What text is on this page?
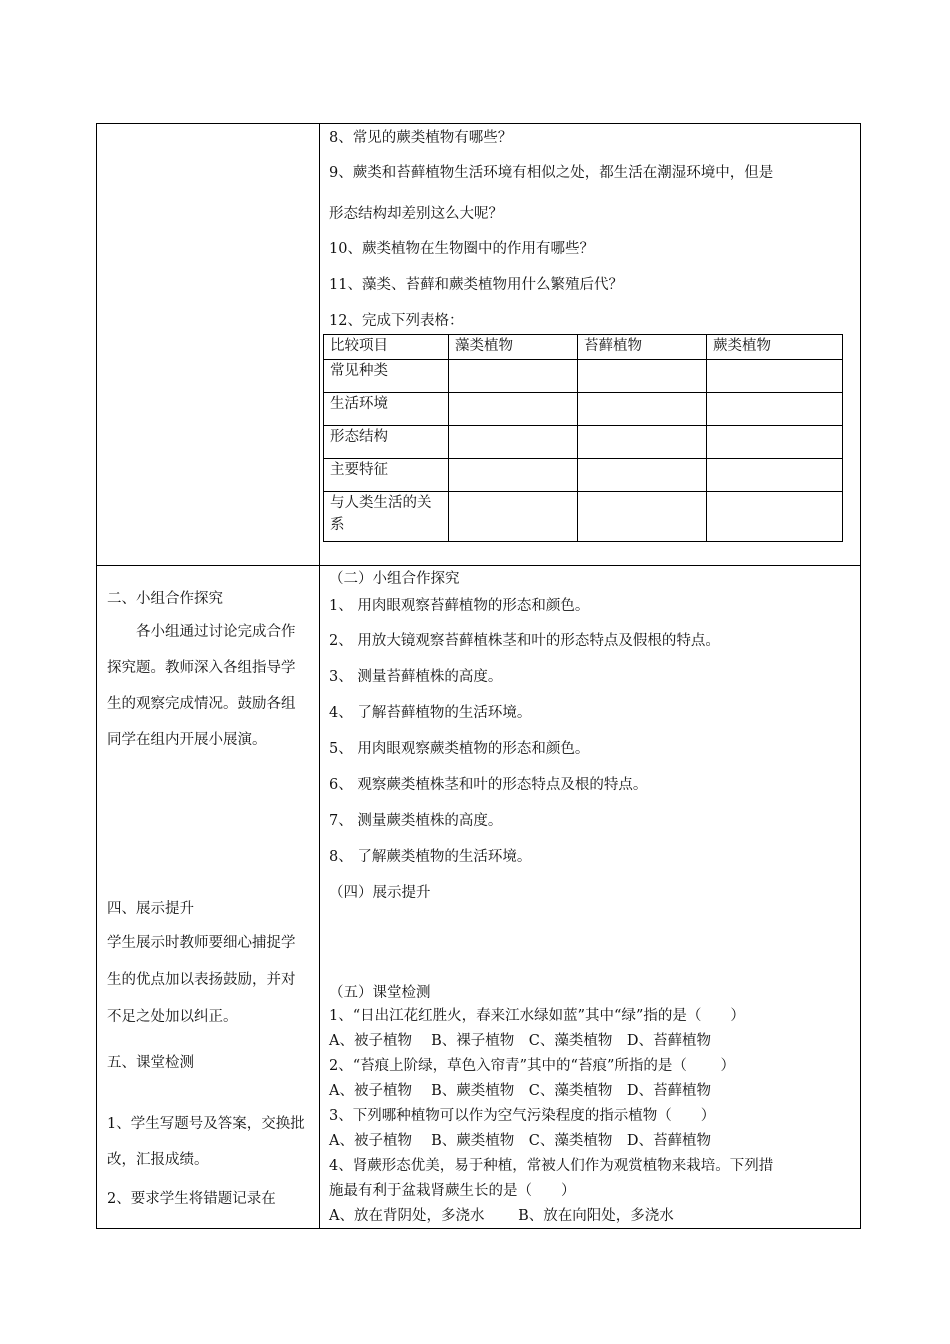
8、常见的蕨类植物有哪些？
9、蕨类和苔藓植物生活环境有相似之处，都生活在潮湿环境中，但是
形态结构却差别这么大呢？
10、蕨类植物在生物圈中的作用有哪些？
11、藻类、苔藓和蕨类植物用什么繁殖后代？
12、完成下列表格：
比较项目	藻类植物	苔藓植物	蕨类植物
常见种类			
生活环境			
形态结构			
主要特征			
与人类生活的关系			
二、小组合作探究
各小组通过讨论完成合作探究题。教师深入各组指导学生的观察完成情况。鼓励各组同学在组内开展小展演。
四、展示提升
学生展示时教师要细心捕捉学生的优点加以表扬鼓励，并对不足之处加以纠正。
五、课堂检测
1、学生写题号及答案，交换批改，汇报成绩。
2、要求学生将错题记录在
（二）小组合作探究
1、 用肉眼观察苔藓植物的形态和颜色。
2、 用放大镜观察苔藓植株茎和叶的形态特点及假根的特点。
3、 测量苔藓植株的高度。
4、 了解苔藓植物的生活环境。
5、 用肉眼观察蕨类植物的形态和颜色。
6、 观察蕨类植株茎和叶的形态特点及根的特点。
7、 测量蕨类植株的高度。
8、 了解蕨类植物的生活环境。
（四）展示提升
（五）课堂检测
1、“日出江花红胜火，春来江水绿如蓝”其中“绿”指的是（　　）
A、被子植物　 B、裸子植物　C、藻类植物　D、苔藓植物
2、“苔痕上阶绿，草色入帘青”其中的“苔痕”所指的是（　　 ）
A、被子植物　 B、蕨类植物　C、藻类植物　D、苔藓植物
3、下列哪种植物可以作为空气污染程度的指示植物（　　）
A、被子植物　 B、蕨类植物　C、藻类植物　D、苔藓植物
4、肾蕨形态优美，易于种植，常被人们作为观赏植物来栽培。下列措
施最有利于盆栽肾蕨生长的是（　　）
A、放在背阴处，多浇水　　 B、放在向阳处，多浇水
